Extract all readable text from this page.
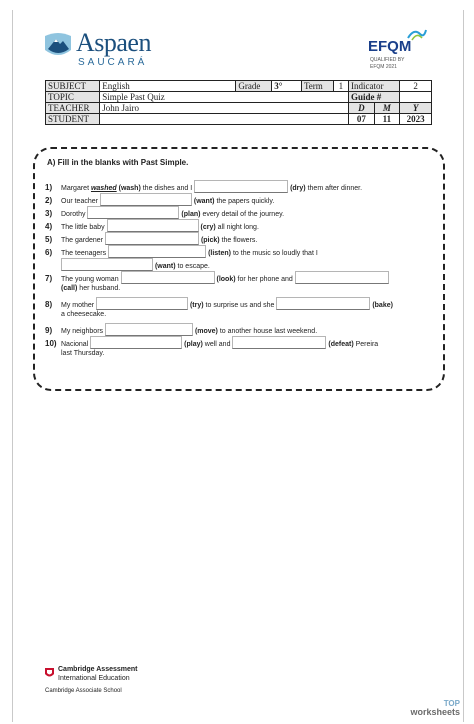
Aspaen
SAUCARÁ
EFQM
QUALIFIED BY
EFQM 2021
SUBJECT	English	Grade	3°	Term	1	Indicator		2
TOPIC	Simple Past Quiz					Guide #		
TEACHER	John Jairo					D	M	Y
STUDENT						07	11	2023
A) Fill in the blanks with Past Simple.
1) Margaret washed (wash) the dishes and I	(dry) them after dinner.
2) Our teacher	(want) the papers quickly.
3) Dorothy	(plan) every detail of the journey.
4) The little baby	(cry) all night long.
5) The gardener	(pick) the flowers.
6) The teenagers	(listen) to the music so loudly that I
(want) to escape.
7) The young woman	(look) for her phone and
(call) her husband.
8) My mother	(try) to surprise us and she	(bake)
a cheesecake.
9) My neighbors	(move) to another house last weekend.
10) Nacional	(play) well and	(defeat) Pereira
last Thursday.
Cambridge Assessment
International Education
Cambridge Associate School
TOP
worksheets
